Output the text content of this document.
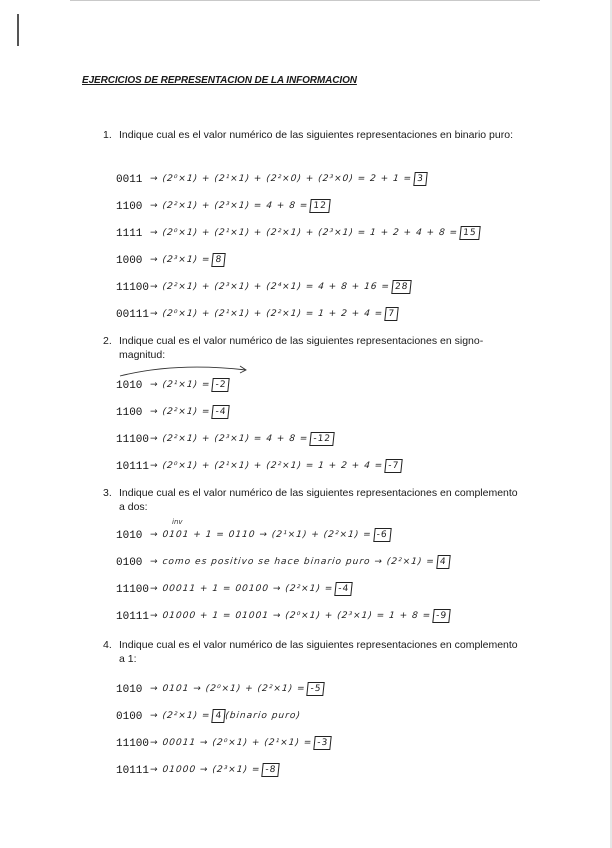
EJERCICIOS DE REPRESENTACION DE LA INFORMACION
1. Indique cual es el valor numérico de las siguientes representaciones en binario puro:
0011 → (2⁰×1) + (2¹×1) + (2²×0) + (2³×0) = 2 + 1 = 3
1100 → (2²×1) + (2³×1) = 4 + 8 = 12
1111 → (2⁰×1) + (2¹×1) + (2²×1) + (2³×1) = 1 + 2 + 4 + 8 = 15
1000 → (2³×1) = 8
11100 → (2²×1) + (2³×1) + (2⁴×1) = 4 + 8 + 16 = 28
00111 → (2⁰×1) + (2¹×1) + (2²×1) = 1 + 2 + 4 = 7
2. Indique cual es el valor numérico de las siguientes representaciones en signo-magnitud:
1010 → (2¹×1) = -2
1100 → (2²×1) = -4
11100 → (2²×1) + (2³×1) = 4 + 8 = -12
10111 → (2⁰×1) + (2¹×1) + (2²×1) = 1 + 2 + 4 = -7
3. Indique cual es el valor numérico de las siguientes representaciones en complemento a dos:
inv
1010 → 0101 + 1 = 0110 → (2¹×1) + (2²×1) = -6
0100 → como es positivo se hace binario puro → (2²×1) = 4
11100 → 00011 + 1 = 00100 → (2²×1) = -4
10111 → 01000 + 1 = 01001 → (2⁰×1) + (2³×1) = 1 + 8 = -9
4. Indique cual es el valor numérico de las siguientes representaciones en complemento a 1:
1010 → 0101 → (2⁰×1) + (2²×1) = -5
0100 → (2²×1) = 4 (binario puro)
11100 → 00011 → (2⁰×1) + (2¹×1) = -3
10111 → 01000 → (2³×1) = -8
